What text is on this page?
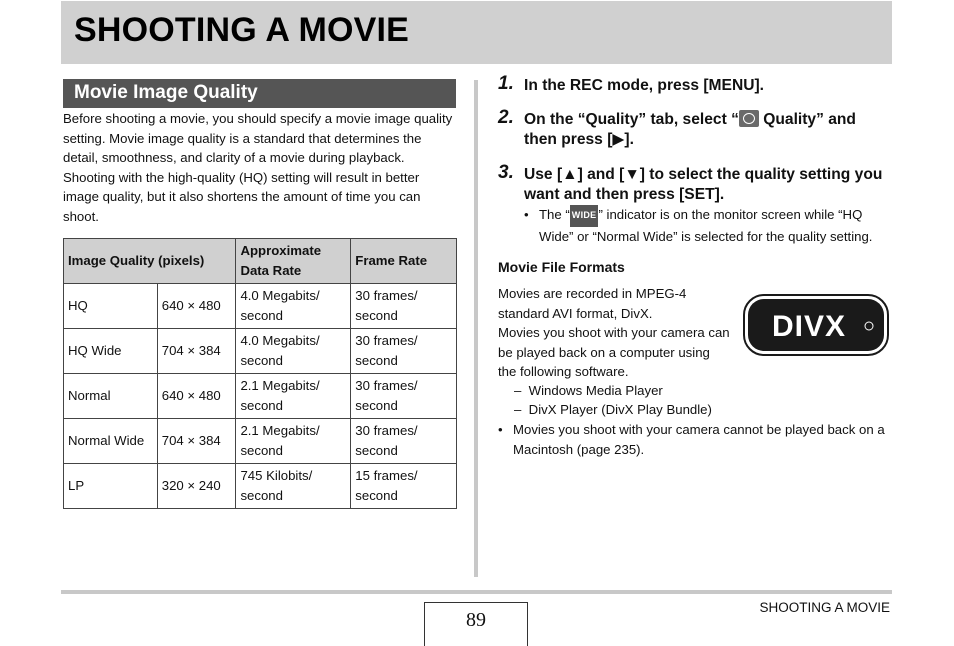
SHOOTING A MOVIE
Movie Image Quality

Before shooting a movie, you should specify a movie image quality setting. Movie image quality is a standard that determines the detail, smoothness, and clarity of a movie during playback. Shooting with the high-quality (HQ) setting will result in better image quality, but it also shortens the amount of time you can shoot.

Image Quality (pixels)		Approximate Data Rate	Frame Rate
HQ	640 × 480	4.0 Megabits/ second	30 frames/ second
HQ Wide	704 × 384	4.0 Megabits/ second	30 frames/ second
Normal	640 × 480	2.1 Megabits/ second	30 frames/ second
Normal Wide	704 × 384	2.1 Megabits/ second	30 frames/ second
LP	320 × 240	745 Kilobits/ second	15 frames/ second
1. In the REC mode, press [MENU].
2. On the “Quality” tab, select “ Quality” and then press [▶].
3. Use [▲] and [▼] to select the quality setting you want and then press [SET].
• The “ WIDE ” indicator is on the monitor screen while “HQ Wide” or “Normal Wide” is selected for the quality setting.
Movie File Formats
Movies are recorded in MPEG-4 standard AVI format, DivX.
Movies you shoot with your camera can be played back on a computer using the following software.
–  Windows Media Player
–  DivX Player (DivX Play Bundle)
• Movies you shoot with your camera cannot be played back on a Macintosh (page 235).
DIVX
89
SHOOTING A MOVIE
